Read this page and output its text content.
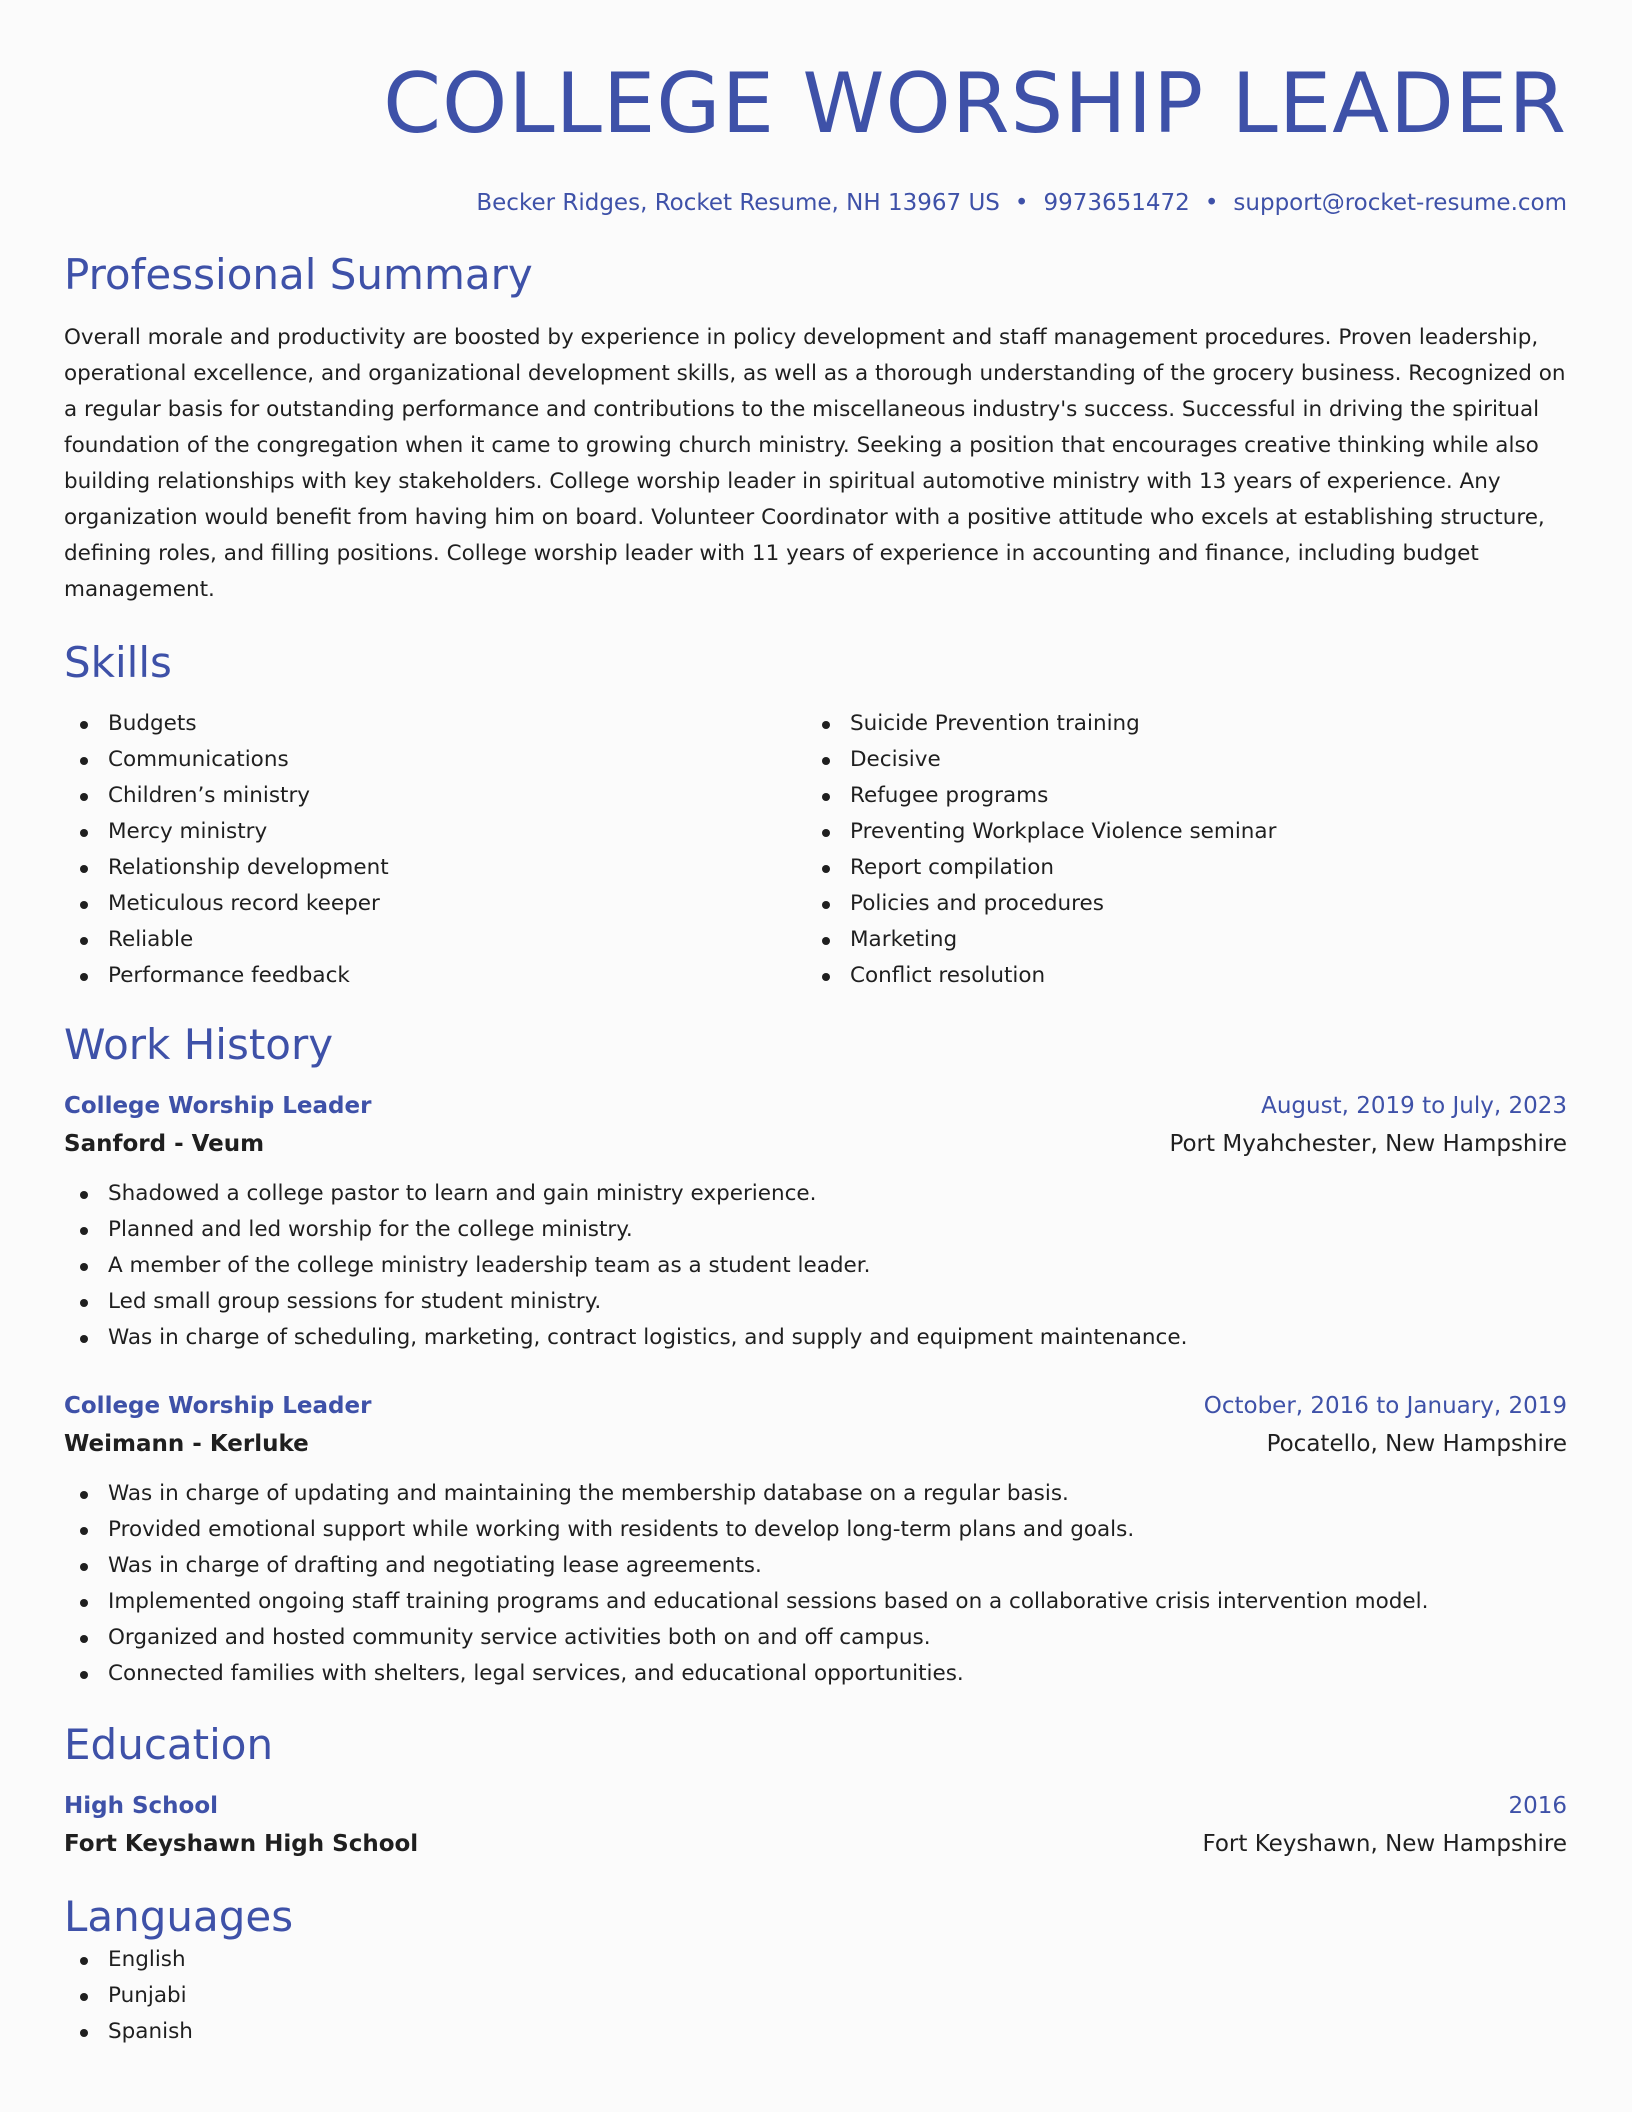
COLLEGE WORSHIP LEADER
Becker Ridges, Rocket Resume, NH 13967 US • 9973651472 • support@rocket-resume.com
Professional Summary
Overall morale and productivity are boosted by experience in policy development and staff management procedures. Proven leadership, operational excellence, and organizational development skills, as well as a thorough understanding of the grocery business. Recognized on a regular basis for outstanding performance and contributions to the miscellaneous industry's success. Successful in driving the spiritual foundation of the congregation when it came to growing church ministry. Seeking a position that encourages creative thinking while also building relationships with key stakeholders. College worship leader in spiritual automotive ministry with 13 years of experience. Any organization would benefit from having him on board. Volunteer Coordinator with a positive attitude who excels at establishing structure, defining roles, and filling positions. College worship leader with 11 years of experience in accounting and finance, including budget management.
Skills
Budgets
Communications
Children’s ministry
Mercy ministry
Relationship development
Meticulous record keeper
Reliable
Performance feedback
Suicide Prevention training
Decisive
Refugee programs
Preventing Workplace Violence seminar
Report compilation
Policies and procedures
Marketing
Conflict resolution
Work History
College Worship Leader	August, 2019 to July, 2023
Sanford - Veum	Port Myahchester, New Hampshire
Shadowed a college pastor to learn and gain ministry experience.
Planned and led worship for the college ministry.
A member of the college ministry leadership team as a student leader.
Led small group sessions for student ministry.
Was in charge of scheduling, marketing, contract logistics, and supply and equipment maintenance.
College Worship Leader	October, 2016 to January, 2019
Weimann - Kerluke	Pocatello, New Hampshire
Was in charge of updating and maintaining the membership database on a regular basis.
Provided emotional support while working with residents to develop long-term plans and goals.
Was in charge of drafting and negotiating lease agreements.
Implemented ongoing staff training programs and educational sessions based on a collaborative crisis intervention model.
Organized and hosted community service activities both on and off campus.
Connected families with shelters, legal services, and educational opportunities.
Education
High School	2016
Fort Keyshawn High School	Fort Keyshawn, New Hampshire
Languages
English
Punjabi
Spanish
